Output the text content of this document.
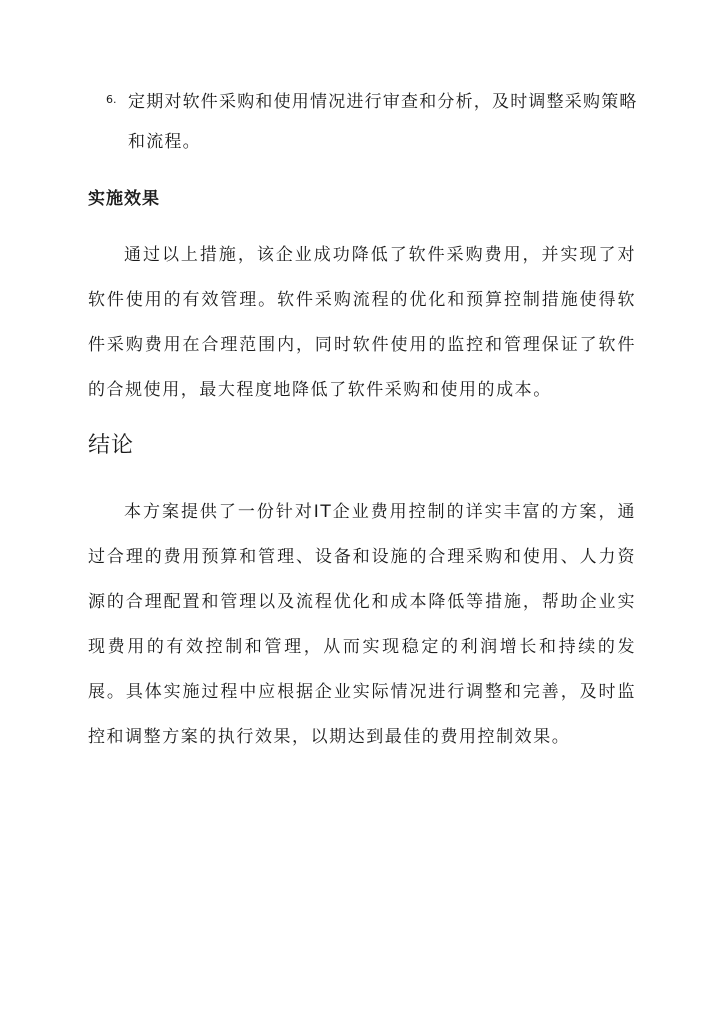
6. 定期对软件采购和使用情况进行审查和分析，及时调整采购策略和流程。
实施效果

通过以上措施，该企业成功降低了软件采购费用，并实现了对软件使用的有效管理。软件采购流程的优化和预算控制措施使得软件采购费用在合理范围内，同时软件使用的监控和管理保证了软件的合规使用，最大程度地降低了软件采购和使用的成本。

结论

本方案提供了一份针对IT企业费用控制的详实丰富的方案，通过合理的费用预算和管理、设备和设施的合理采购和使用、人力资源的合理配置和管理以及流程优化和成本降低等措施，帮助企业实现费用的有效控制和管理，从而实现稳定的利润增长和持续的发展。具体实施过程中应根据企业实际情况进行调整和完善，及时监控和调整方案的执行效果，以期达到最佳的费用控制效果。
